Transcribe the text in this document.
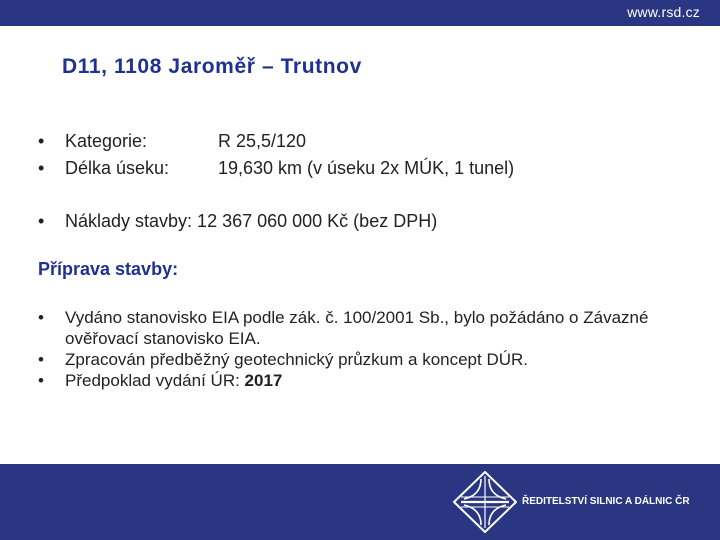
www.rsd.cz
D11, 1108 Jaroměř – Trutnov
• Kategorie:	R 25,5/120
• Délka úseku:	19,630 km (v úseku 2x MÚK, 1 tunel)
• Náklady stavby: 12 367 060 000 Kč (bez DPH)
Příprava stavby:
• Vydáno stanovisko EIA podle zák. č. 100/2001 Sb., bylo požádáno o Závazné ověřovací stanovisko EIA.
• Zpracován předběžný geotechnický průzkum a koncept DÚR.
• Předpoklad vydání ÚR: 2017
ŘEDITELSTVÍ SILNIC A DÁLNIC ČR
